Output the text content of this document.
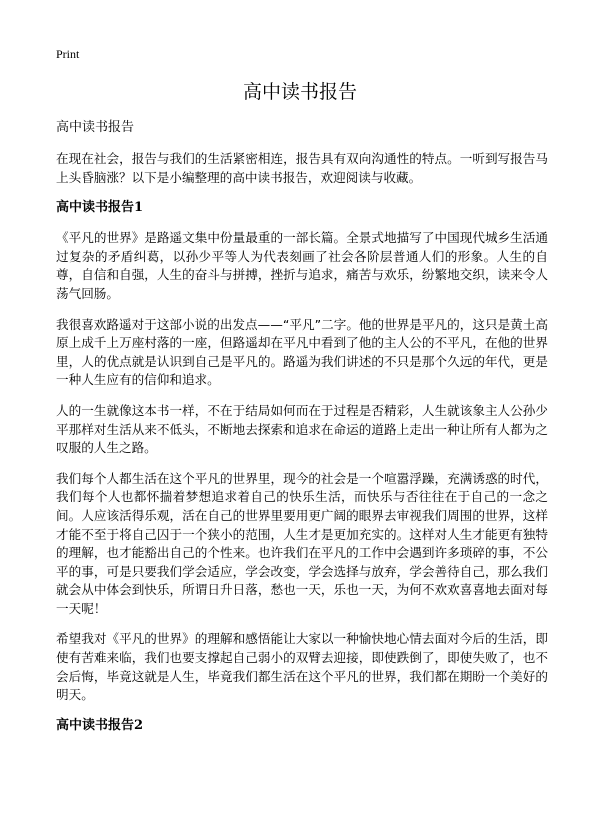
Print
高中读书报告

高中读书报告

在现在社会，报告与我们的生活紧密相连，报告具有双向沟通性的特点。一听到写报告马上头昏脑涨？以下是小编整理的高中读书报告，欢迎阅读与收藏。

高中读书报告1

《平凡的世界》是路遥文集中份量最重的一部长篇。全景式地描写了中国现代城乡生活通过复杂的矛盾纠葛，以孙少平等人为代表刻画了社会各阶层普通人们的形象。人生的自尊，自信和自强，人生的奋斗与拼搏，挫折与追求，痛苦与欢乐，纷繁地交织，读来令人荡气回肠。

我很喜欢路遥对于这部小说的出发点——“平凡”二字。他的世界是平凡的，这只是黄土高原上成千上万座村落的一座，但路遥却在平凡中看到了他的主人公的不平凡，在他的世界里，人的优点就是认识到自己是平凡的。路遥为我们讲述的不只是那个久远的年代，更是一种人生应有的信仰和追求。

人的一生就像这本书一样，不在于结局如何而在于过程是否精彩，人生就该象主人公孙少平那样对生活从来不低头，不断地去探索和追求在命运的道路上走出一种让所有人都为之叹服的人生之路。

我们每个人都生活在这个平凡的世界里，现今的社会是一个喧嚣浮躁，充满诱惑的时代，我们每个人也都怀揣着梦想追求着自己的快乐生活，而快乐与否往往在于自己的一念之间。人应该活得乐观，活在自己的世界里要用更广阔的眼界去审视我们周围的世界，这样才能不至于将自己囚于一个狭小的范围，人生才是更加充实的。这样对人生才能更有独特的理解，也才能豁出自己的个性来。也许我们在平凡的工作中会遇到许多琐碎的事，不公平的事，可是只要我们学会适应，学会改变，学会选择与放弃，学会善待自己，那么我们就会从中体会到快乐，所谓日升日落，愁也一天，乐也一天，为何不欢欢喜喜地去面对每一天呢！

希望我对《平凡的世界》的理解和感悟能让大家以一种愉快地心情去面对今后的生活，即使有苦难来临，我们也要支撑起自己弱小的双臂去迎接，即使跌倒了，即使失败了，也不会后悔，毕竟这就是人生，毕竟我们都生活在这个平凡的世界，我们都在期盼一个美好的明天。

高中读书报告2
